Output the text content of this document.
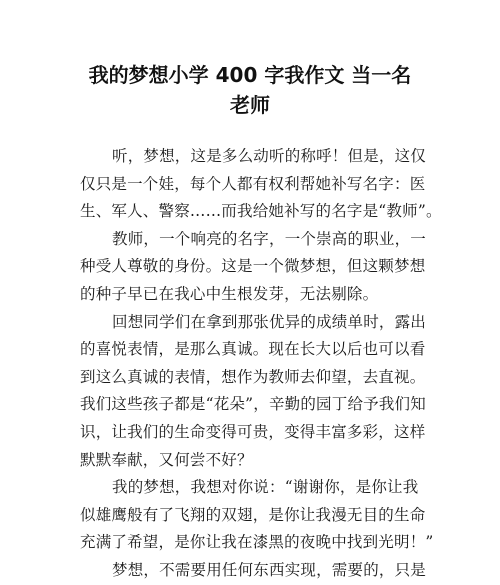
我的梦想小学 400 字我作文 当一名
老师
听，梦想，这是多么动听的称呼！但是，这仅
仅只是一个娃，每个人都有权利帮她补写名字：医
生、军人、警察……而我给她补写的名字是“教师”。
教师，一个响亮的名字，一个崇高的职业，一
种受人尊敬的身份。这是一个微梦想，但这颗梦想
的种子早已在我心中生根发芽，无法剔除。
回想同学们在拿到那张优异的成绩单时，露出
的喜悦表情，是那么真诚。现在长大以后也可以看
到这么真诚的表情，想作为教师去仰望，去直视。
我们这些孩子都是“花朵”，辛勤的园丁给予我们知
识，让我们的生命变得可贵，变得丰富多彩，这样
默默奉献，又何尝不好？
我的梦想，我想对你说：“谢谢你，是你让我
似雄鹰般有了飞翔的双翅，是你让我漫无目的生命
充满了希望，是你让我在漆黑的夜晚中找到光明！”
梦想，不需要用任何东西实现，需要的，只是
